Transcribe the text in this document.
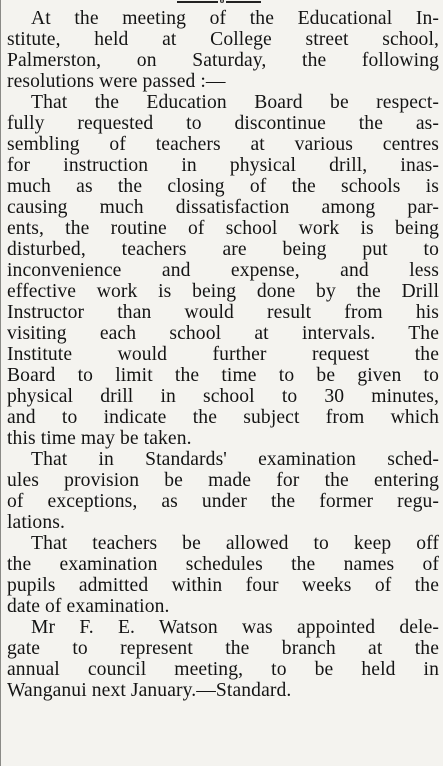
o

At the meeting of the Educational In-
stitute, held at College street school,
Palmerston, on Saturday, the following
resolutions were passed :—

That the Education Board be respect-
fully requested to discontinue the as-
sembling of teachers at various centres
for instruction in physical drill, inas-
much as the closing of the schools is
causing much dissatisfaction among par-
ents, the routine of school work is being
disturbed, teachers are being put to
inconvenience and expense, and less
effective work is being done by the Drill
Instructor than would result from his
visiting each school at intervals. The
Institute would further request the
Board to limit the time to be given to
physical drill in school to 30 minutes,
and to indicate the subject from which
this time may be taken.

That in Standards' examination sched-
ules provision be made for the entering
of exceptions, as under the former regu-
lations.

That teachers be allowed to keep off
the examination schedules the names of
pupils admitted within four weeks of the
date of examination.

Mr F. E. Watson was appointed dele-
gate to represent the branch at the
annual council meeting, to be held in
Wanganui next January.—Standard.
